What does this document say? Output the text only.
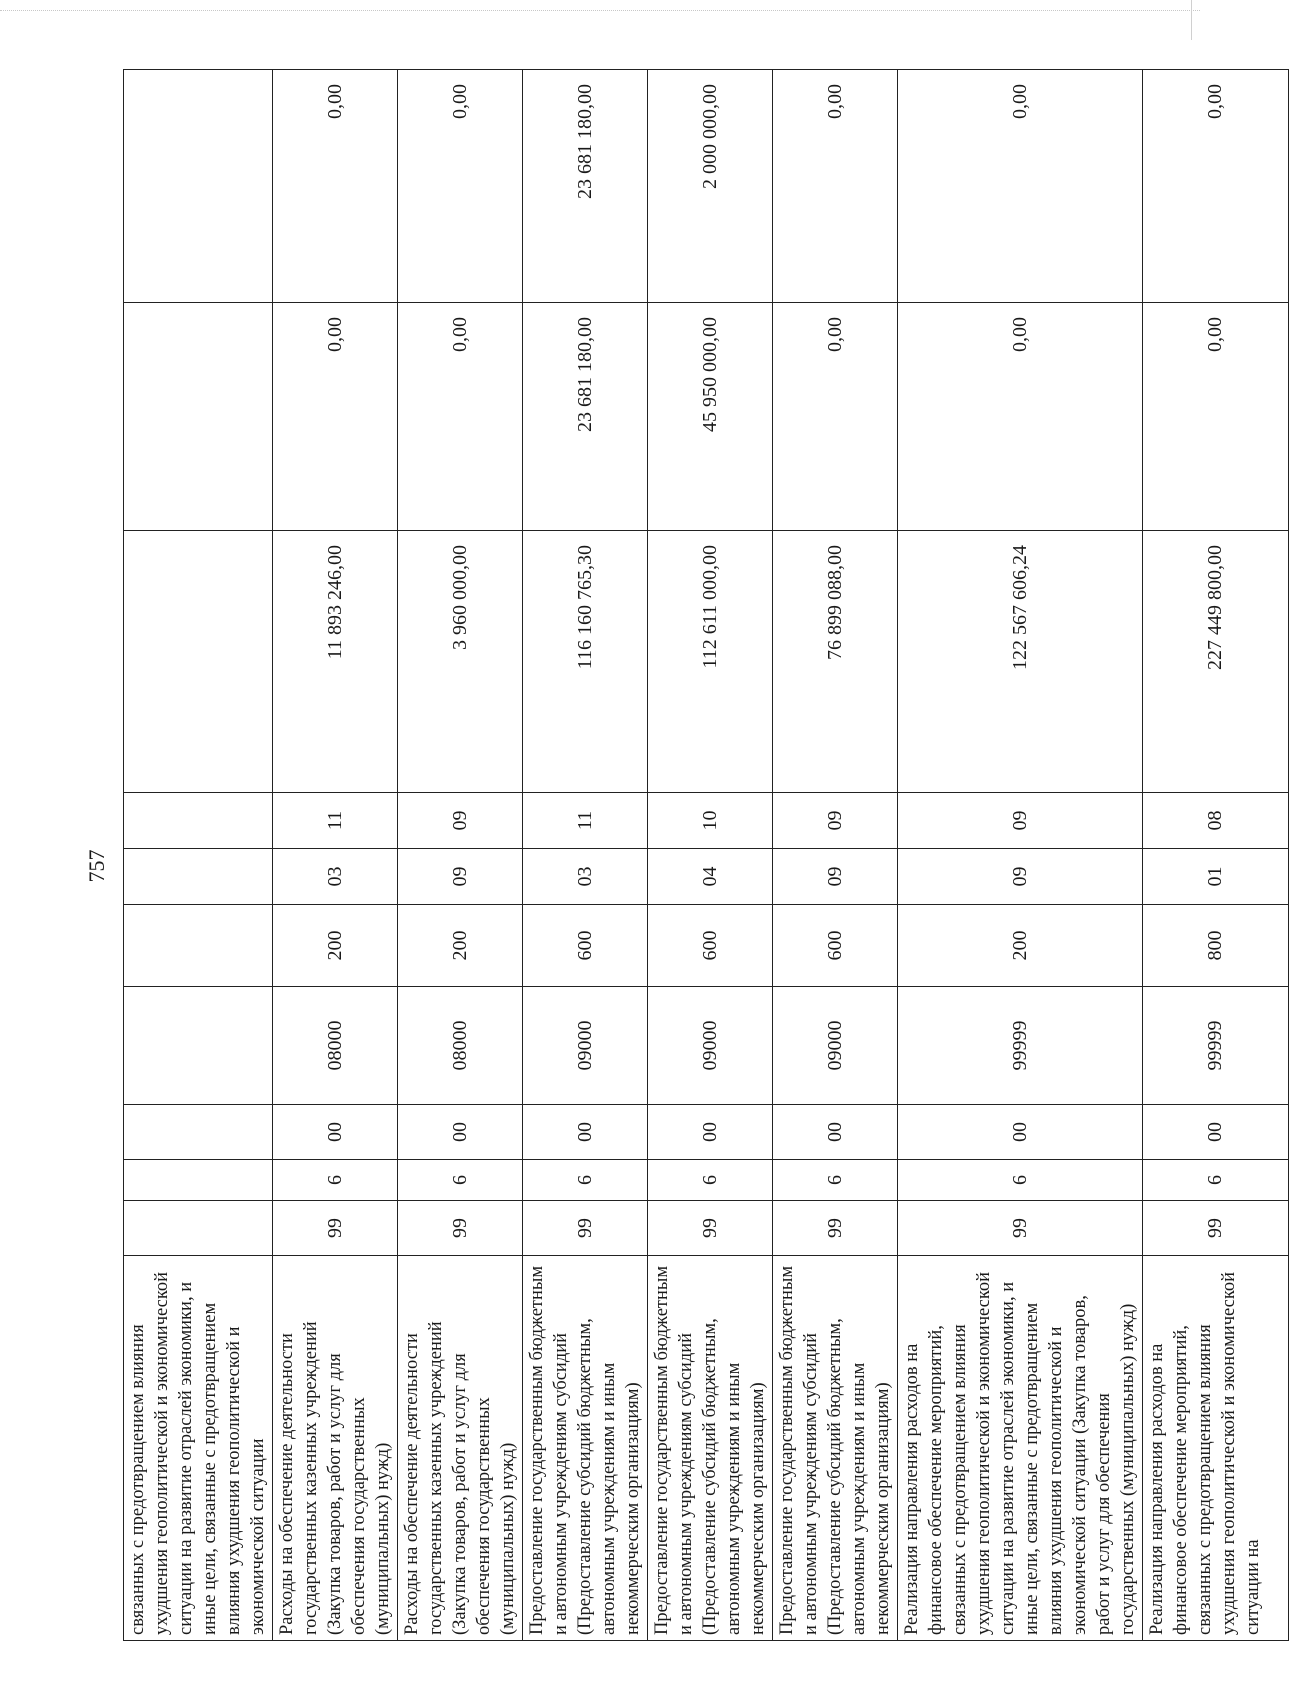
757
связанных с предотвращением влияния ухудшения геополитической и экономической ситуации на развитие отраслей экономики, и иные цели, связанные с предотвращением влияния ухудшения геополитической и экономической ситуации										
Расходы на обеспечение деятельности государственных казенных учреждений (Закупка товаров, работ и услуг для обеспечения государственных (муниципальных) нужд)	99	6	00	08000	200	03	11	11 893 246,00	0,00	0,00
Расходы на обеспечение деятельности государственных казенных учреждений (Закупка товаров, работ и услуг для обеспечения государственных (муниципальных) нужд)	99	6	00	08000	200	09	09	3 960 000,00	0,00	0,00
Предоставление государственным бюджетным и автономным учреждениям субсидий (Предоставление субсидий бюджетным, автономным учреждениям и иным некоммерческим организациям)	99	6	00	09000	600	03	11	116 160 765,30	23 681 180,00	23 681 180,00
Предоставление государственным бюджетным и автономным учреждениям субсидий (Предоставление субсидий бюджетным, автономным учреждениям и иным некоммерческим организациям)	99	6	00	09000	600	04	10	112 611 000,00	45 950 000,00	2 000 000,00
Предоставление государственным бюджетным и автономным учреждениям субсидий (Предоставление субсидий бюджетным, автономным учреждениям и иным некоммерческим организациям)	99	6	00	09000	600	09	09	76 899 088,00	0,00	0,00
Реализация направления расходов на финансовое обеспечение мероприятий, связанных с предотвращением влияния ухудшения геополитической и экономической ситуации на развитие отраслей экономики, и иные цели, связанные с предотвращением влияния ухудшения геополитической и экономической ситуации (Закупка товаров, работ и услуг для обеспечения государственных (муниципальных) нужд)	99	6	00	99999	200	09	09	122 567 606,24	0,00	0,00
Реализация направления расходов на финансовое обеспечение мероприятий, связанных с предотвращением влияния ухудшения геополитической и экономической ситуации на	99	6	00	99999	800	01	08	227 449 800,00	0,00	0,00
